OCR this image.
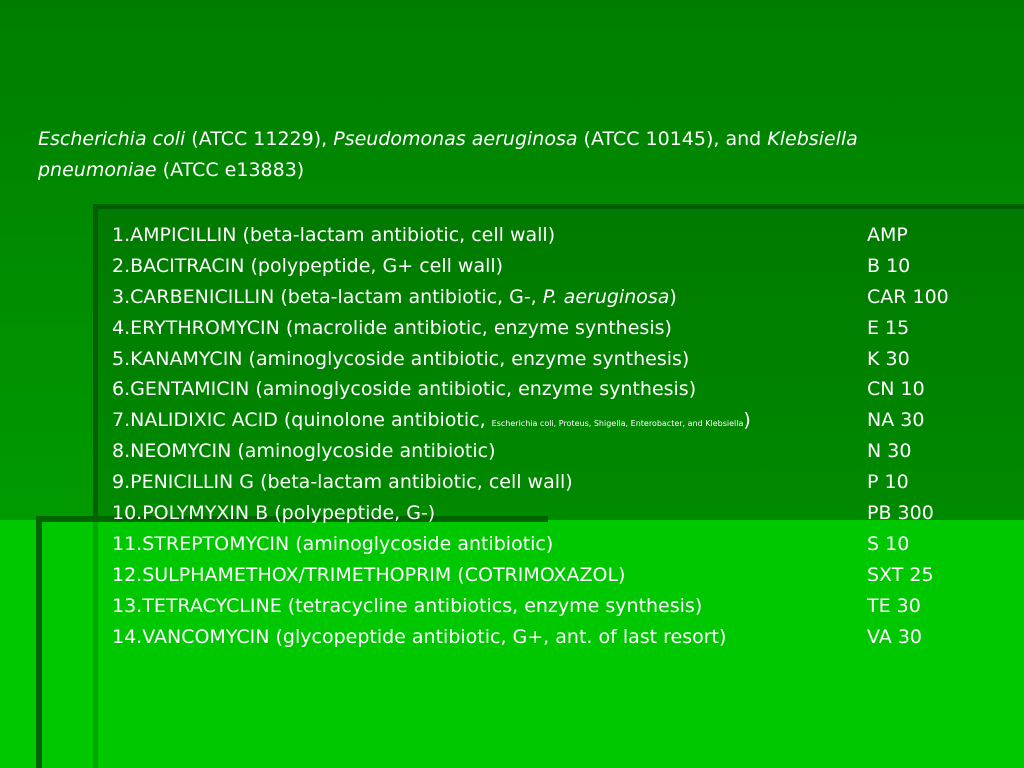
Escherichia coli (ATCC 11229), Pseudomonas aeruginosa (ATCC 10145), and Klebsiella pneumoniae (ATCC e13883)

1.AMPICILLIN (beta-lactam antibiotic, cell wall)	AMP
2.BACITRACIN (polypeptide, G+ cell wall)	B 10
3.CARBENICILLIN (beta-lactam antibiotic, G-, P. aeruginosa)	CAR 100
4.ERYTHROMYCIN (macrolide antibiotic, enzyme synthesis)	E 15
5.KANAMYCIN (aminoglycoside antibiotic, enzyme synthesis)	K 30
6.GENTAMICIN (aminoglycoside antibiotic, enzyme synthesis)	CN 10
7.NALIDIXIC ACID (quinolone antibiotic, Escherichia coli, Proteus, Shigella, Enterobacter, and Klebsiella)	NA 30
8.NEOMYCIN (aminoglycoside antibiotic)	N 30
9.PENICILLIN G (beta-lactam antibiotic, cell wall)	P 10
10.POLYMYXIN B (polypeptide, G-)	PB 300
11.STREPTOMYCIN (aminoglycoside antibiotic)	S 10
12.SULPHAMETHOX/TRIMETHOPRIM (COTRIMOXAZOL)	SXT 25
13.TETRACYCLINE (tetracycline antibiotics, enzyme synthesis)	TE 30
14.VANCOMYCIN (glycopeptide antibiotic, G+, ant. of last resort)	VA 30
